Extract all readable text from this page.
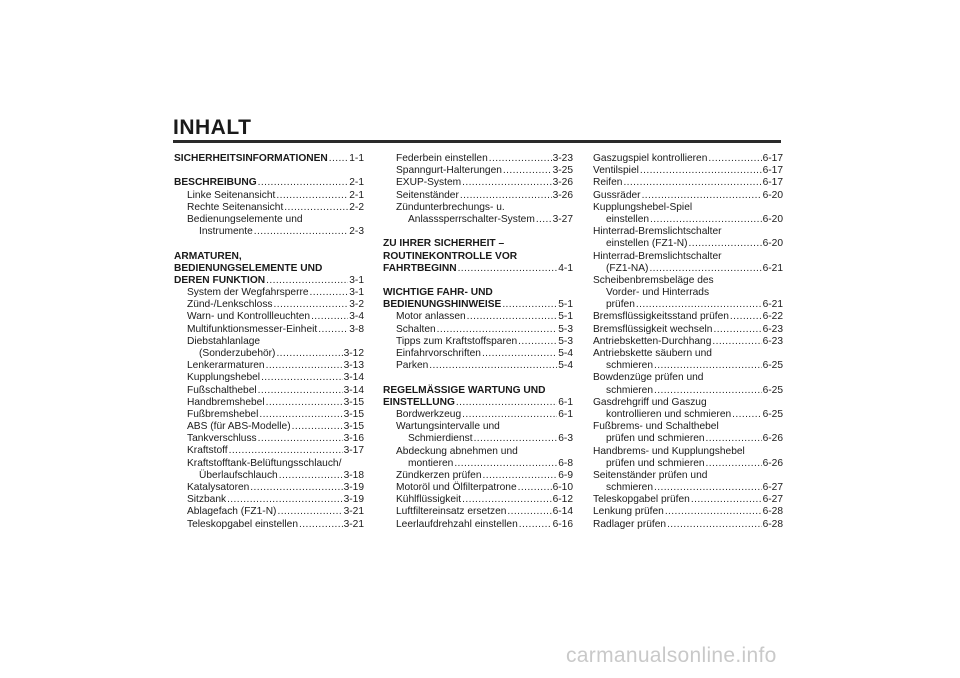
INHALT
SICHERHEITSINFORMATIONEN ..... 1-1
BESCHREIBUNG .....	2-1
Linke Seitenansicht .....	2-1
Rechte Seitenansicht .....	2-2
Bedienungselemente und
Instrumente .....	2-3
ARMATUREN,
BEDIENUNGSELEMENTE UND
DEREN FUNKTION .....	3-1
System der Wegfahrsperre .....	3-1
Zünd-/Lenkschloss .....	3-2
Warn- und Kontrollleuchten .....	3-4
Multifunktionsmesser-Einheit .....	3-8
Diebstahlanlage
(Sonderzubehör) .....	3-12
Lenkerarmaturen .....	3-13
Kupplungshebel .....	3-14
Fußschalthebel .....	3-14
Handbremshebel .....	3-15
Fußbremshebel .....	3-15
ABS (für ABS-Modelle) .....	3-15
Tankverschluss .....	3-16
Kraftstoff .....	3-17
Kraftstofftank-Belüftungsschlauch/
Überlaufschlauch .....	3-18
Katalysatoren .....	3-19
Sitzbank .....	3-19
Ablagefach (FZ1-N) .....	3-21
Teleskopgabel einstellen .....	3-21
Federbein einstellen .....	3-23
Spanngurt-Halterungen .....	3-25
EXUP-System .....	3-26
Seitenständer .....	3-26
Zündunterbrechungs- u.
Anlasssperrschalter-System ..... 3-27
ZU IHRER SICHERHEIT –
ROUTINEKONTROLLE VOR
FAHRTBEGINN .....	4-1
WICHTIGE FAHR- UND
BEDIENUNGSHINWEISE .....	5-1
Motor anlassen .....	5-1
Schalten .....	5-3
Tipps zum Kraftstoffsparen .....	5-3
Einfahrvorschriften .....	5-4
Parken .....	5-4
REGELMÄSSIGE WARTUNG UND
EINSTELLUNG .....	6-1
Bordwerkzeug .....	6-1
Wartungsintervalle und
Schmierdienst .....	6-3
Abdeckung abnehmen und
montieren .....	6-8
Zündkerzen prüfen .....	6-9
Motoröl und Ölfilterpatrone .....	6-10
Kühlflüssigkeit .....	6-12
Luftfiltereinsatz ersetzen .....	6-14
Leerlaufdrehzahl einstellen .....	6-16
Gaszugspiel kontrollieren .....	6-17
Ventilspiel .....	6-17
Reifen .....	6-17
Gussräder .....	6-20
Kupplungshebel-Spiel
einstellen .....	6-20
Hinterrad-Bremslichtschalter
einstellen (FZ1-N) .....	6-20
Hinterrad-Bremslichtschalter
(FZ1-NA) .....	6-21
Scheibenbremsbeläge des
Vorder- und Hinterrads
prüfen .....	6-21
Bremsflüssigkeitsstand prüfen .....	6-22
Bremsflüssigkeit wechseln .....	6-23
Antriebsketten-Durchhang .....	6-23
Antriebskette säubern und
schmieren .....	6-25
Bowdenzüge prüfen und
schmieren .....	6-25
Gasdrehgriff und Gaszug
kontrollieren und schmieren .....	6-25
Fußbrems- und Schalthebel
prüfen und schmieren .....	6-26
Handbrems- und Kupplungshebel
prüfen und schmieren .....	6-26
Seitenständer prüfen und
schmieren .....	6-27
Teleskopgabel prüfen .....	6-27
Lenkung prüfen .....	6-28
Radlager prüfen .....	6-28
carmanualsonline.info
